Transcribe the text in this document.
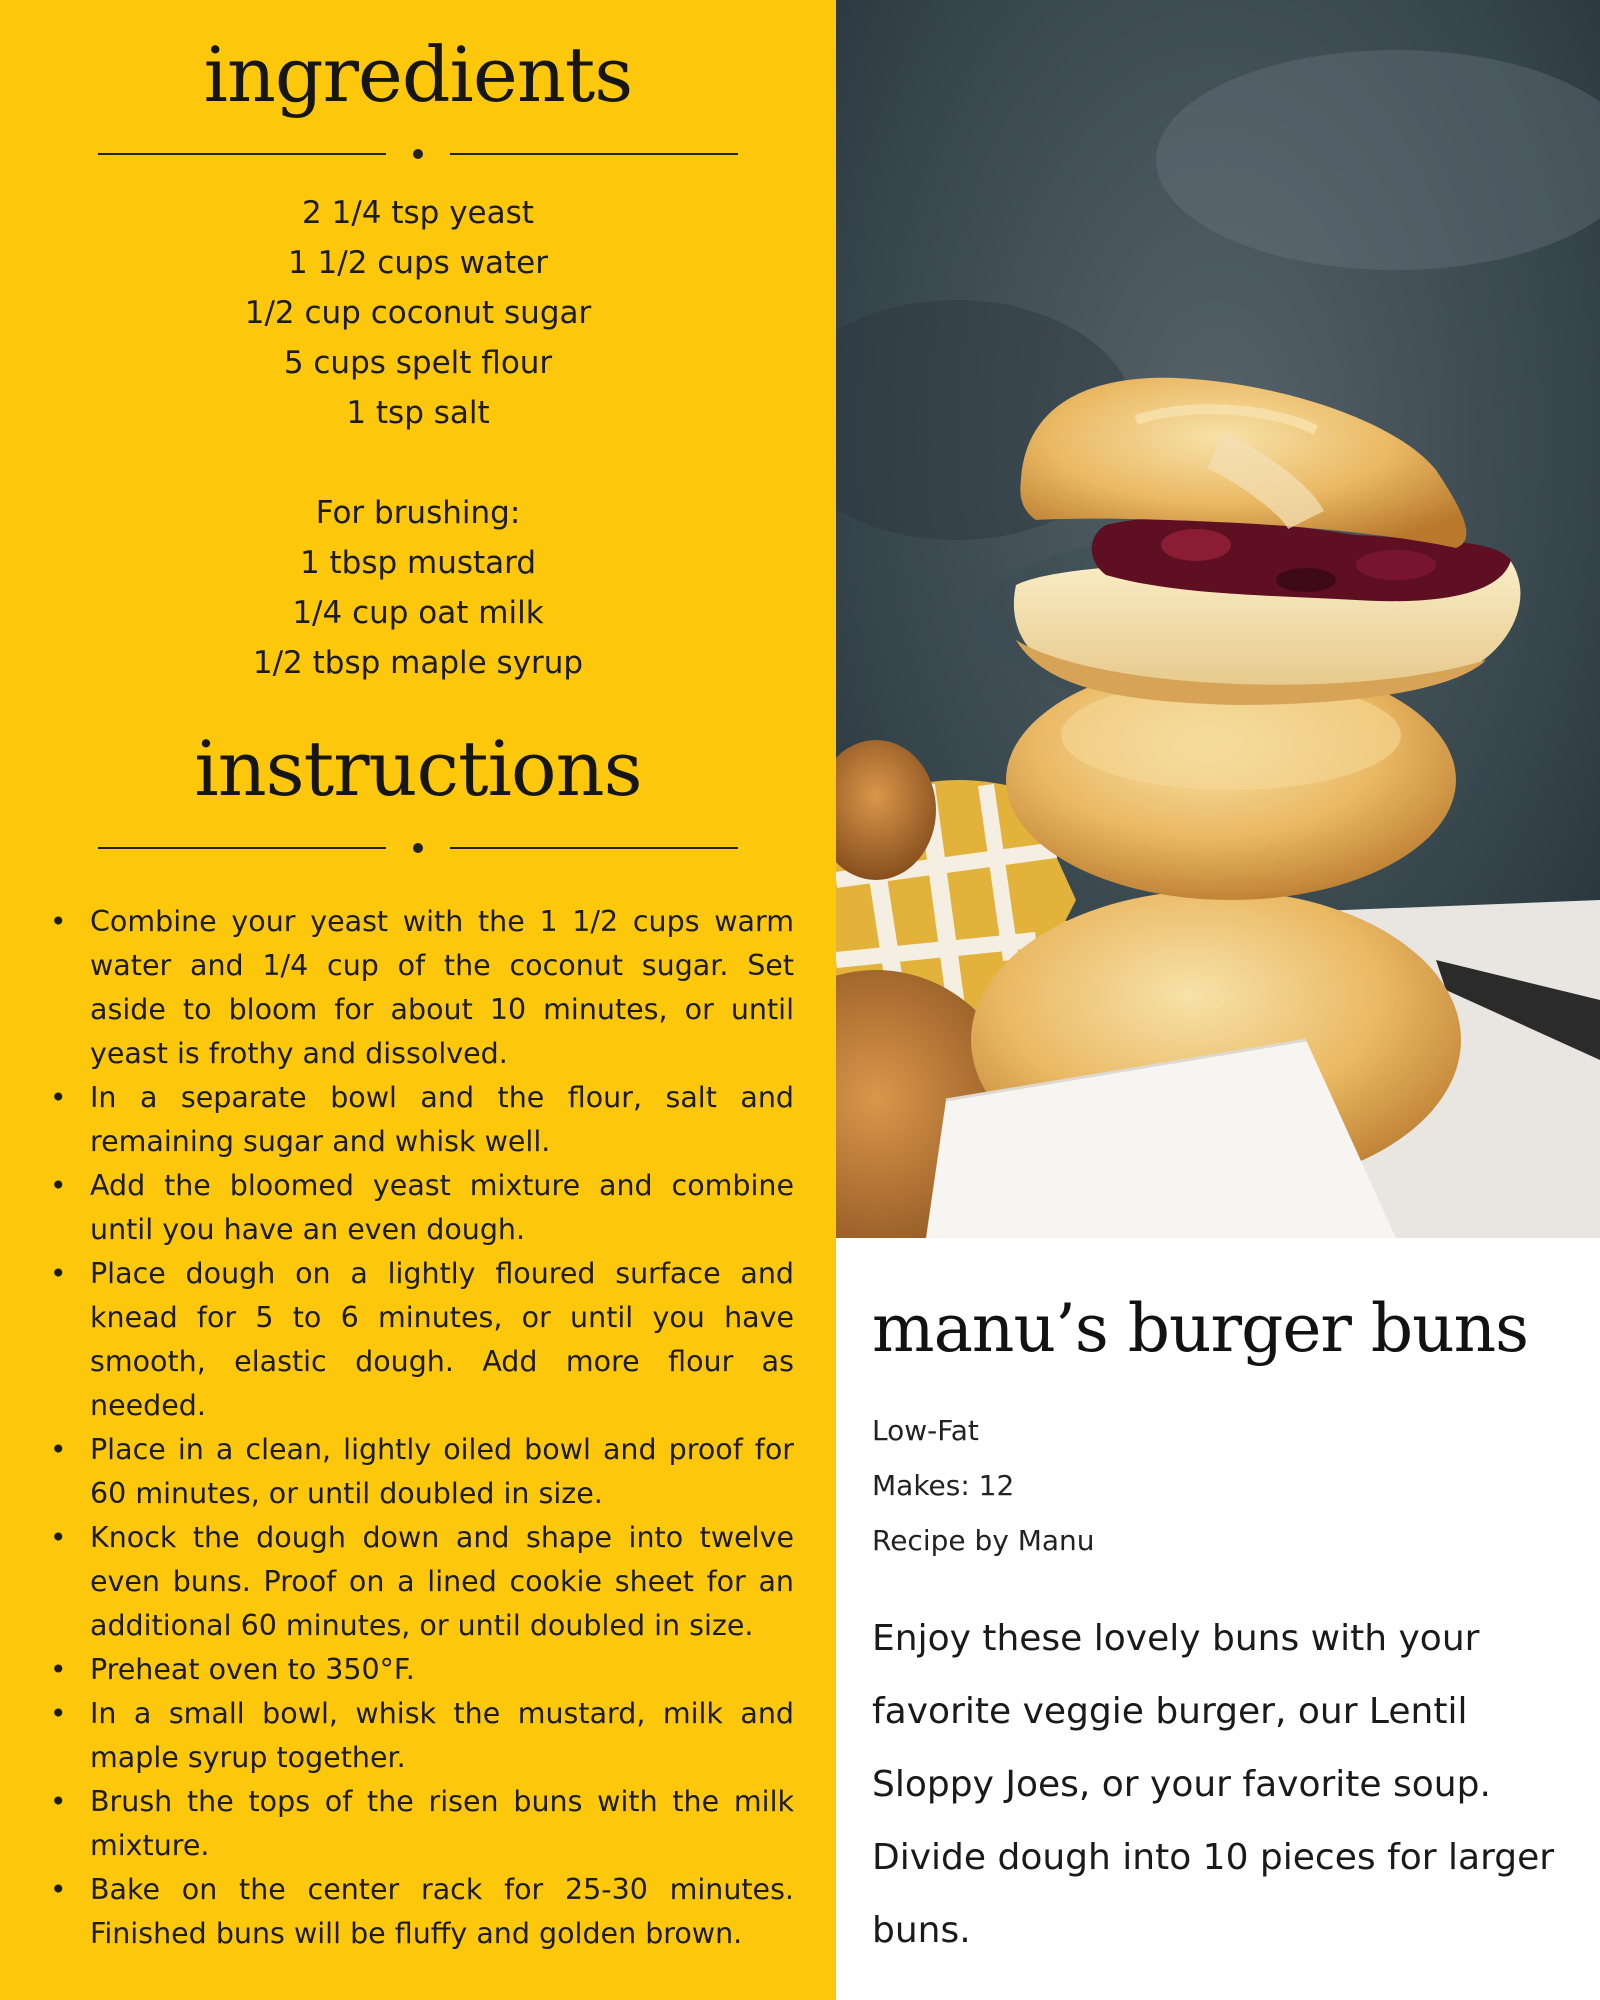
ingredients
2 1/4 tsp yeast
1 1/2 cups water
1/2 cup coconut sugar
5 cups spelt flour
1 tsp salt
For brushing:
1 tbsp mustard
1/4 cup oat milk
1/2 tbsp maple syrup
instructions
• Combine your yeast with the 1 1/2 cups warm water and 1/4 cup of the coconut sugar. Set aside to bloom for about 10 minutes, or until yeast is frothy and dissolved.
• In a separate bowl and the flour, salt and remaining sugar and whisk well.
• Add the bloomed yeast mixture and combine until you have an even dough.
• Place dough on a lightly floured surface and knead for 5 to 6 minutes, or until you have smooth, elastic dough. Add more flour as needed.
• Place in a clean, lightly oiled bowl and proof for 60 minutes, or until doubled in size.
• Knock the dough down and shape into twelve even buns. Proof on a lined cookie sheet for an additional 60 minutes, or until doubled in size.
• Preheat oven to 350°F.
• In a small bowl, whisk the mustard, milk and maple syrup together.
• Brush the tops of the risen buns with the milk mixture.
• Bake on the center rack for 25-30 minutes. Finished buns will be fluffy and golden brown.
manu’s burger buns
Low-Fat
Makes: 12
Recipe by Manu
Enjoy these lovely buns with your favorite veggie burger, our Lentil Sloppy Joes, or your favorite soup. Divide dough into 10 pieces for larger buns.
